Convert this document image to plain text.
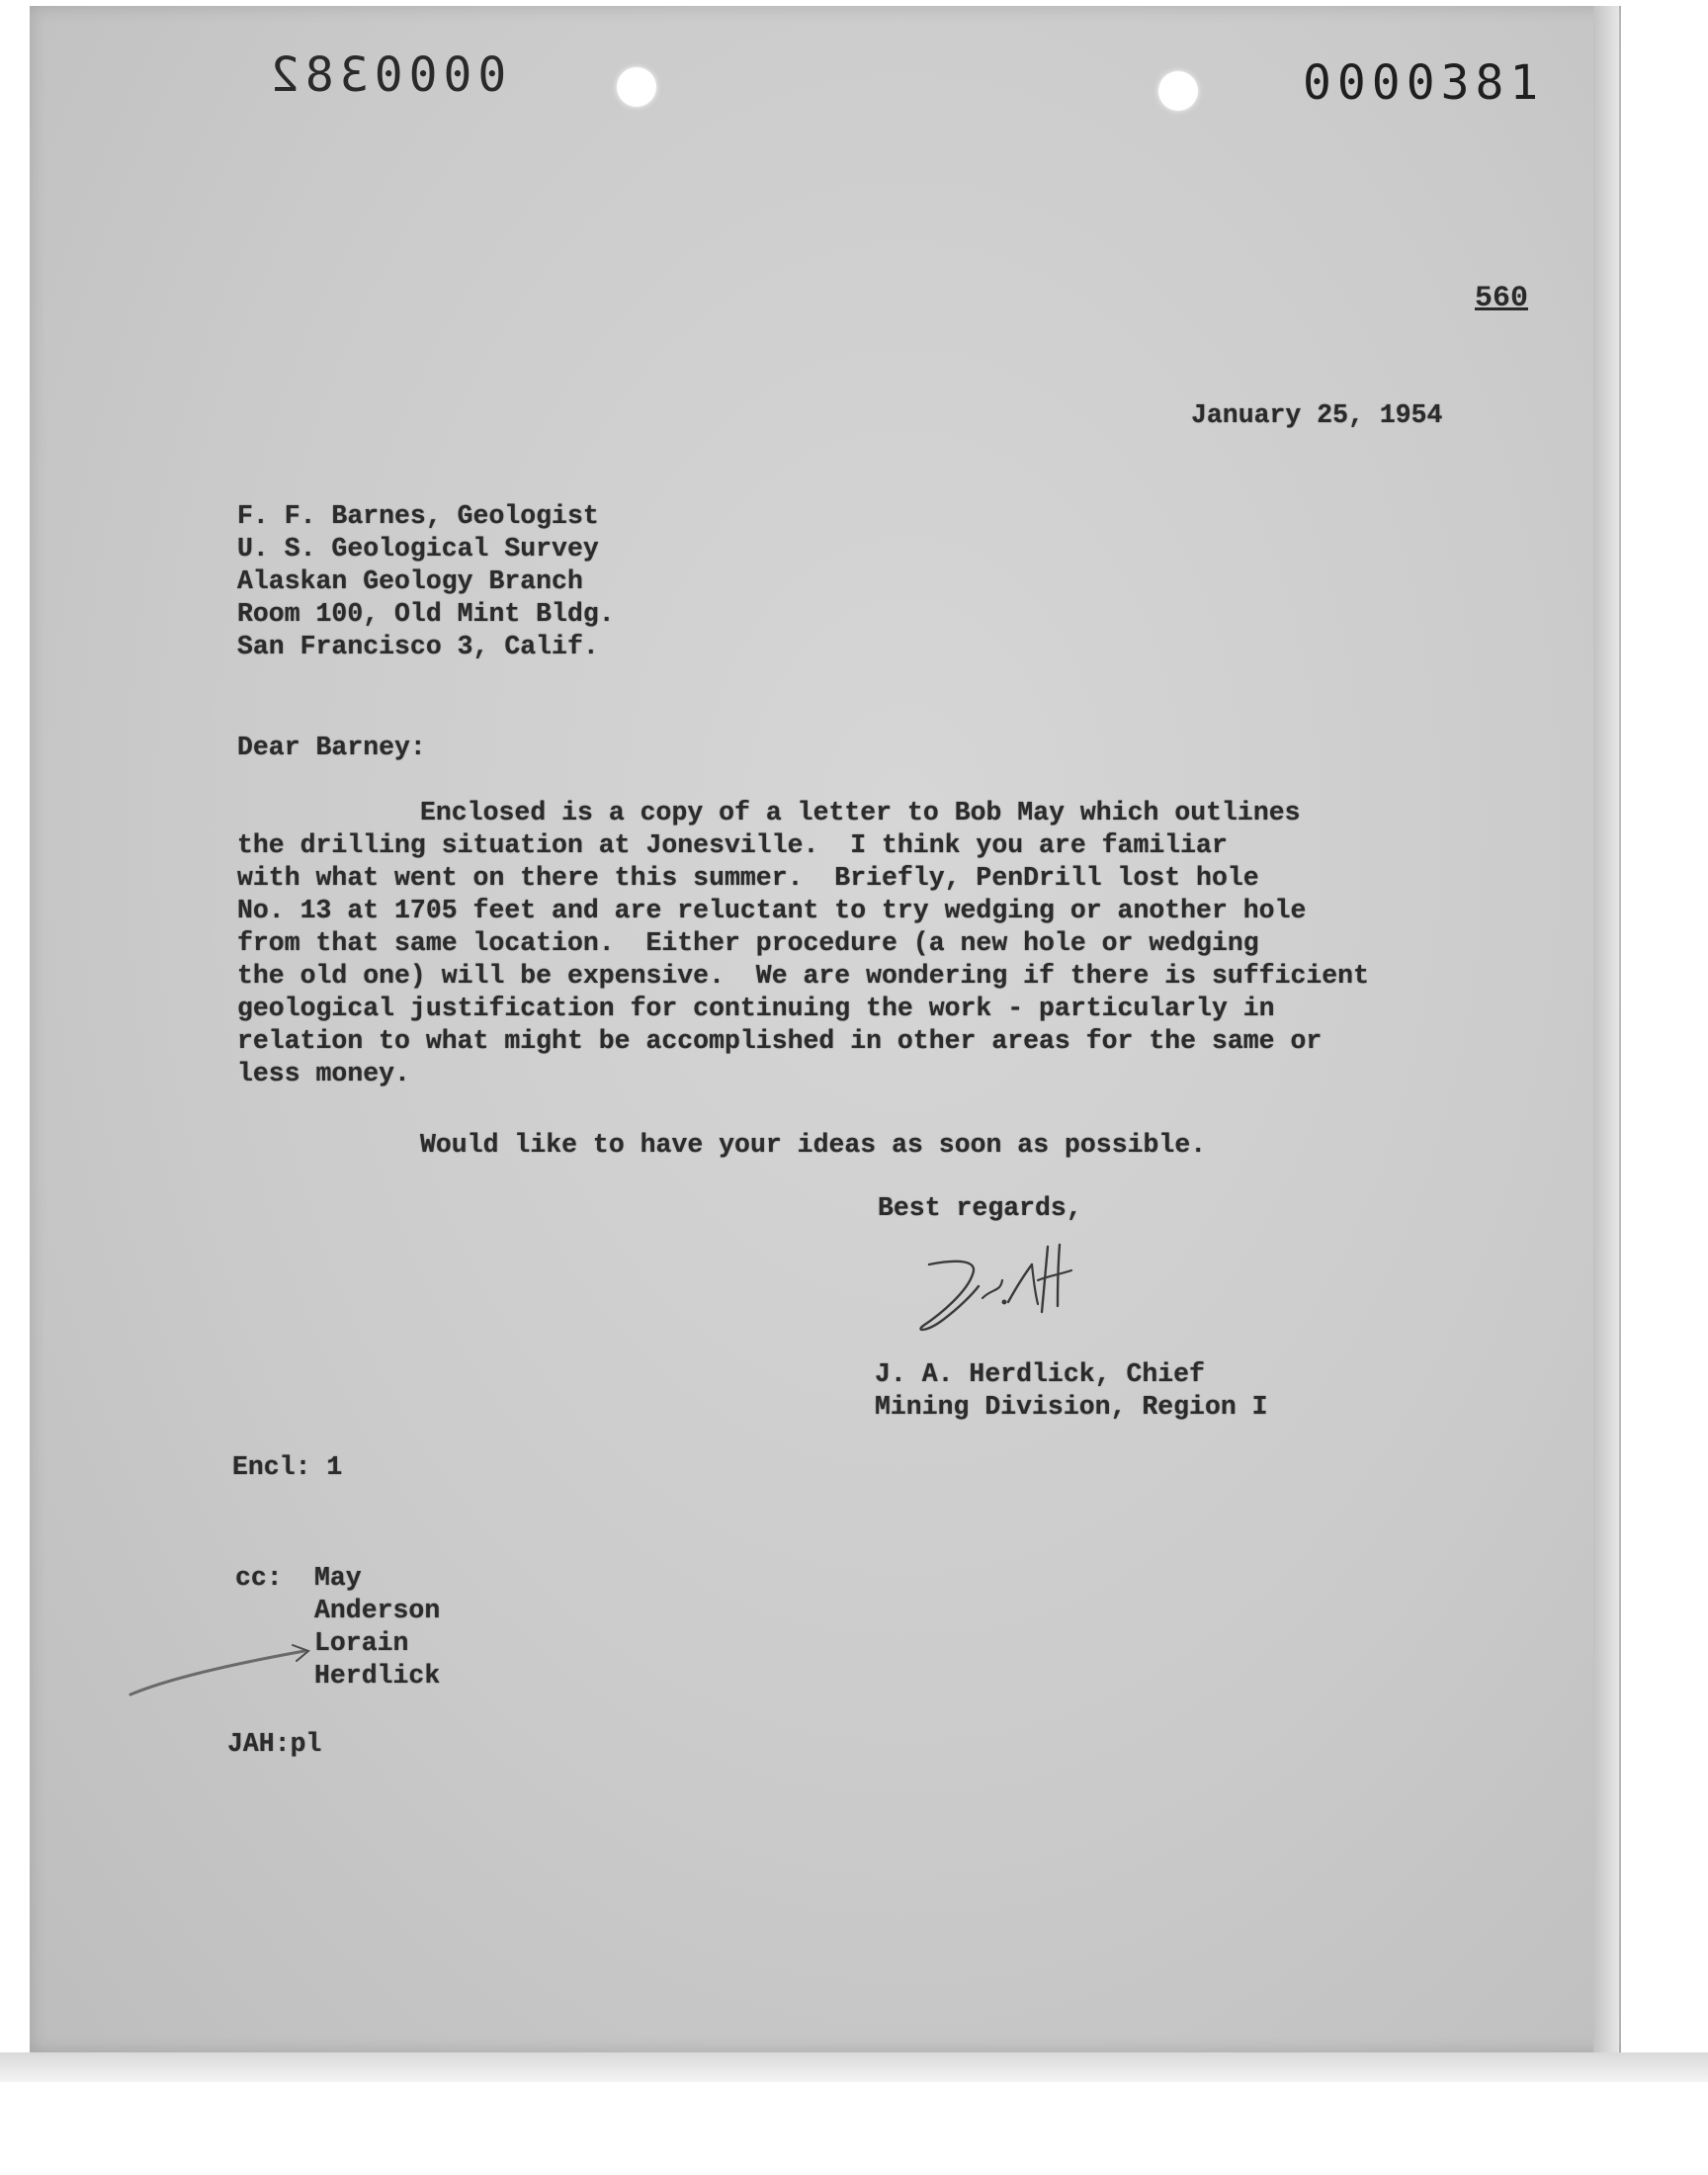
0000382	0000381
560
January 25, 1954
F. F. Barnes, Geologist
U. S. Geological Survey
Alaskan Geology Branch
Room 100, Old Mint Bldg.
San Francisco 3, Calif.
Dear Barney:
Enclosed is a copy of a letter to Bob May which outlines
the drilling situation at Jonesville.  I think you are familiar
with what went on there this summer.  Briefly, PenDrill lost hole
No. 13 at 1705 feet and are reluctant to try wedging or another hole
from that same location.  Either procedure (a new hole or wedging
the old one) will be expensive.  We are wondering if there is sufficient
geological justification for continuing the work - particularly in
relation to what might be accomplished in other areas for the same or
less money.
Would like to have your ideas as soon as possible.
Best regards,
J. A. Herdlick, Chief
Mining Division, Region I
Encl: 1
cc: May
Anderson
Lorain
Herdlick
JAH:pl
